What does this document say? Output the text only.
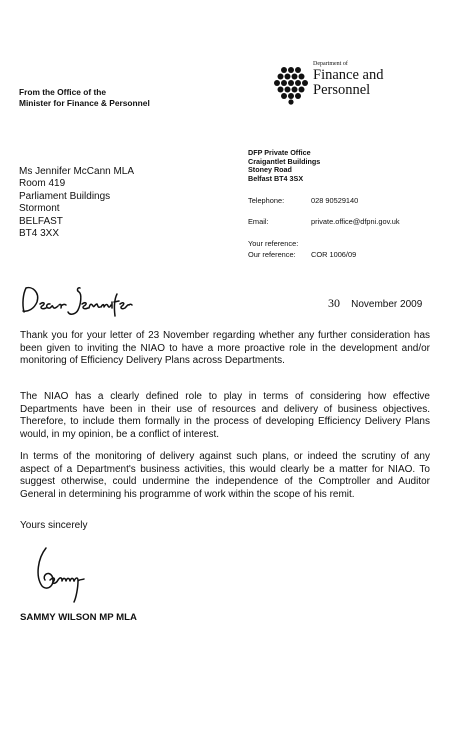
From the Office of the
Minister for Finance & Personnel
Department of
Finance and
Personnel
DFP Private Office
Craigantlet Buildings
Stoney Road
Belfast BT4 3SX
Telephone:	028 90529140
Email:	private.office@dfpni.gov.uk
Your reference:
Our reference: COR 1006/09
Ms Jennifer McCann MLA
Room 419
Parliament Buildings
Stormont
BELFAST
BT4 3XX
30 November 2009

Thank you for your letter of 23 November regarding whether any further consideration has been given to inviting the NIAO to have a more proactive role in the development and/or monitoring of Efficiency Delivery Plans across Departments.

The NIAO has a clearly defined role to play in terms of considering how effective Departments have been in their use of resources and delivery of business objectives. Therefore, to include them formally in the process of developing Efficiency Delivery Plans would, in my opinion, be a conflict of interest.

In terms of the monitoring of delivery against such plans, or indeed the scrutiny of any aspect of a Department's business activities, this would clearly be a matter for NIAO. To suggest otherwise, could undermine the independence of the Comptroller and Auditor General in determining his programme of work within the scope of his remit.

Yours sincerely
SAMMY WILSON MP MLA
